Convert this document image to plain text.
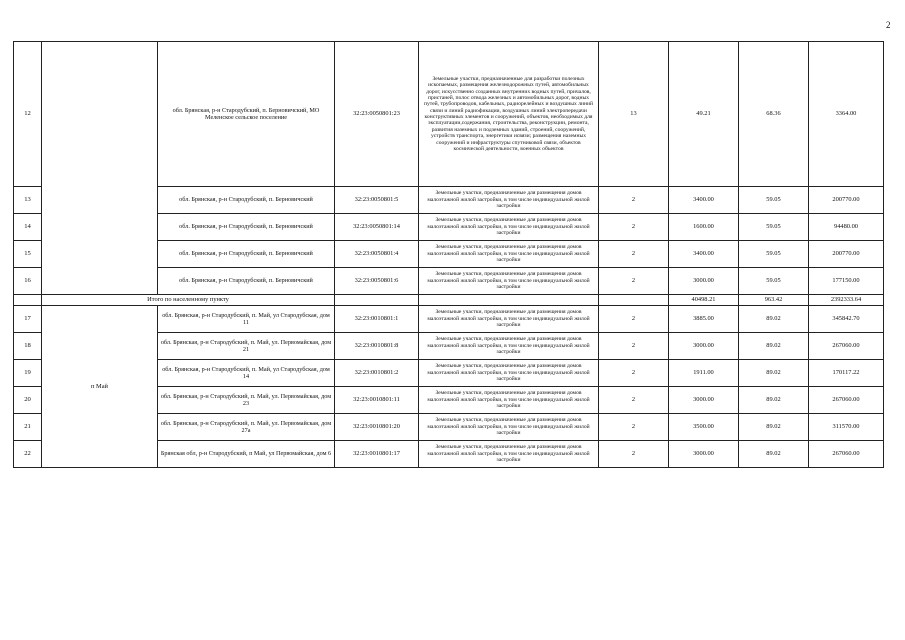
2
12		обл. Брянская, р-н Стародубский, п. Берновичский, МО Меленское сельское поселение	32:23:0050801:23	Земельные участки, предназначенные для разработки полезных ископаемых, размещения железнодорожных путей, автомобильных дорог, искусственно созданных внутренних водных путей, причалов, пристаней, полос отвода железных и автомобильных дорог, водных путей, трубопроводов, кабельных, радиорелейных и воздушных линий связи и линий радиофикации, воздушных линий электропередачи конструктивных элементов и сооружений, объектов, необходимых для эксплуатации,содержания, строительства, реконструкции, ремонта, развития наземных и подземных зданий, строений, сооружений, устройств транспорта, энергетики исвязи; размещения наземных сооружений и инфраструктуры спутниковой связи, объектов космической деятельности, военных объектов	13	49.21	68.36	3364.00
13		обл. Брянская, р-н Стародубский, п. Берновичский	32:23:0050801:5	Земельные участки, предназначенные для размещения домов малоэтажной жилой застройки, в том числе индивидуальной жилой застройки	2	3400.00	59.05	200770.00
14		обл. Брянская, р-н Стародубский, п. Берновичский	32:23:0050801:14	Земельные участки, предназначенные для размещения домов малоэтажной жилой застройки, в том числе индивидуальной жилой застройки	2	1600.00	59.05	94480.00
15		обл. Брянская, р-н Стародубский, п. Берновичский	32:23:0050801:4	Земельные участки, предназначенные для размещения домов малоэтажной жилой застройки, в том числе индивидуальной жилой застройки	2	3400.00	59.05	200770.00
16		обл. Брянская, р-н Стародубский, п. Берновичский	32:23:0050801:6	Земельные участки, предназначенные для размещения домов малоэтажной жилой застройки, в том числе индивидуальной жилой застройки	2	3000.00	59.05	177150.00
	Итого по населенному пункту					40498.21	963.42	2392333.64
17	п Май	обл. Брянская, р-н Стародубский, п. Май, ул Стародубская, дом 11	32:23:0010801:1	Земельные участки, предназначенные для размещения домов малоэтажной жилой застройки, в том числе индивидуальной жилой застройки	2	3885.00	89.02	345842.70
18		обл. Брянская, р-н Стародубский, п. Май, ул. Первомайская, дом 21	32:23:0010801:8	Земельные участки, предназначенные для размещения домов малоэтажной жилой застройки, в том числе индивидуальной жилой застройки	2	3000.00	89.02	267060.00
19		обл. Брянская, р-н Стародубский, п. Май, ул Стародубская, дом 14	32:23:0010801:2	Земельные участки, предназначенные для размещения домов малоэтажной жилой застройки, в том числе индивидуальной жилой застройки	2	1911.00	89.02	170117.22
20		обл. Брянская, р-н Стародубский, п. Май, ул. Первомайская, дом 23	32:23:0010801:11	Земельные участки, предназначенные для размещения домов малоэтажной жилой застройки, в том числе индивидуальной жилой застройки	2	3000.00	89.02	267060.00
21		обл. Брянская, р-н Стародубский, п. Май, ул. Первомайская, дом 27а	32:23:0010801:20	Земельные участки, предназначенные для размещения домов малоэтажной жилой застройки, в том числе индивидуальной жилой застройки	2	3500.00	89.02	311570.00
22		Брянская обл, р-н Стародубский, п Май, ул Первомайская, дом 6	32:23:0010801:17	Земельные участки, предназначенные для размещения домов малоэтажной жилой застройки, в том числе индивидуальной жилой застройки	2	3000.00	89.02	267060.00
